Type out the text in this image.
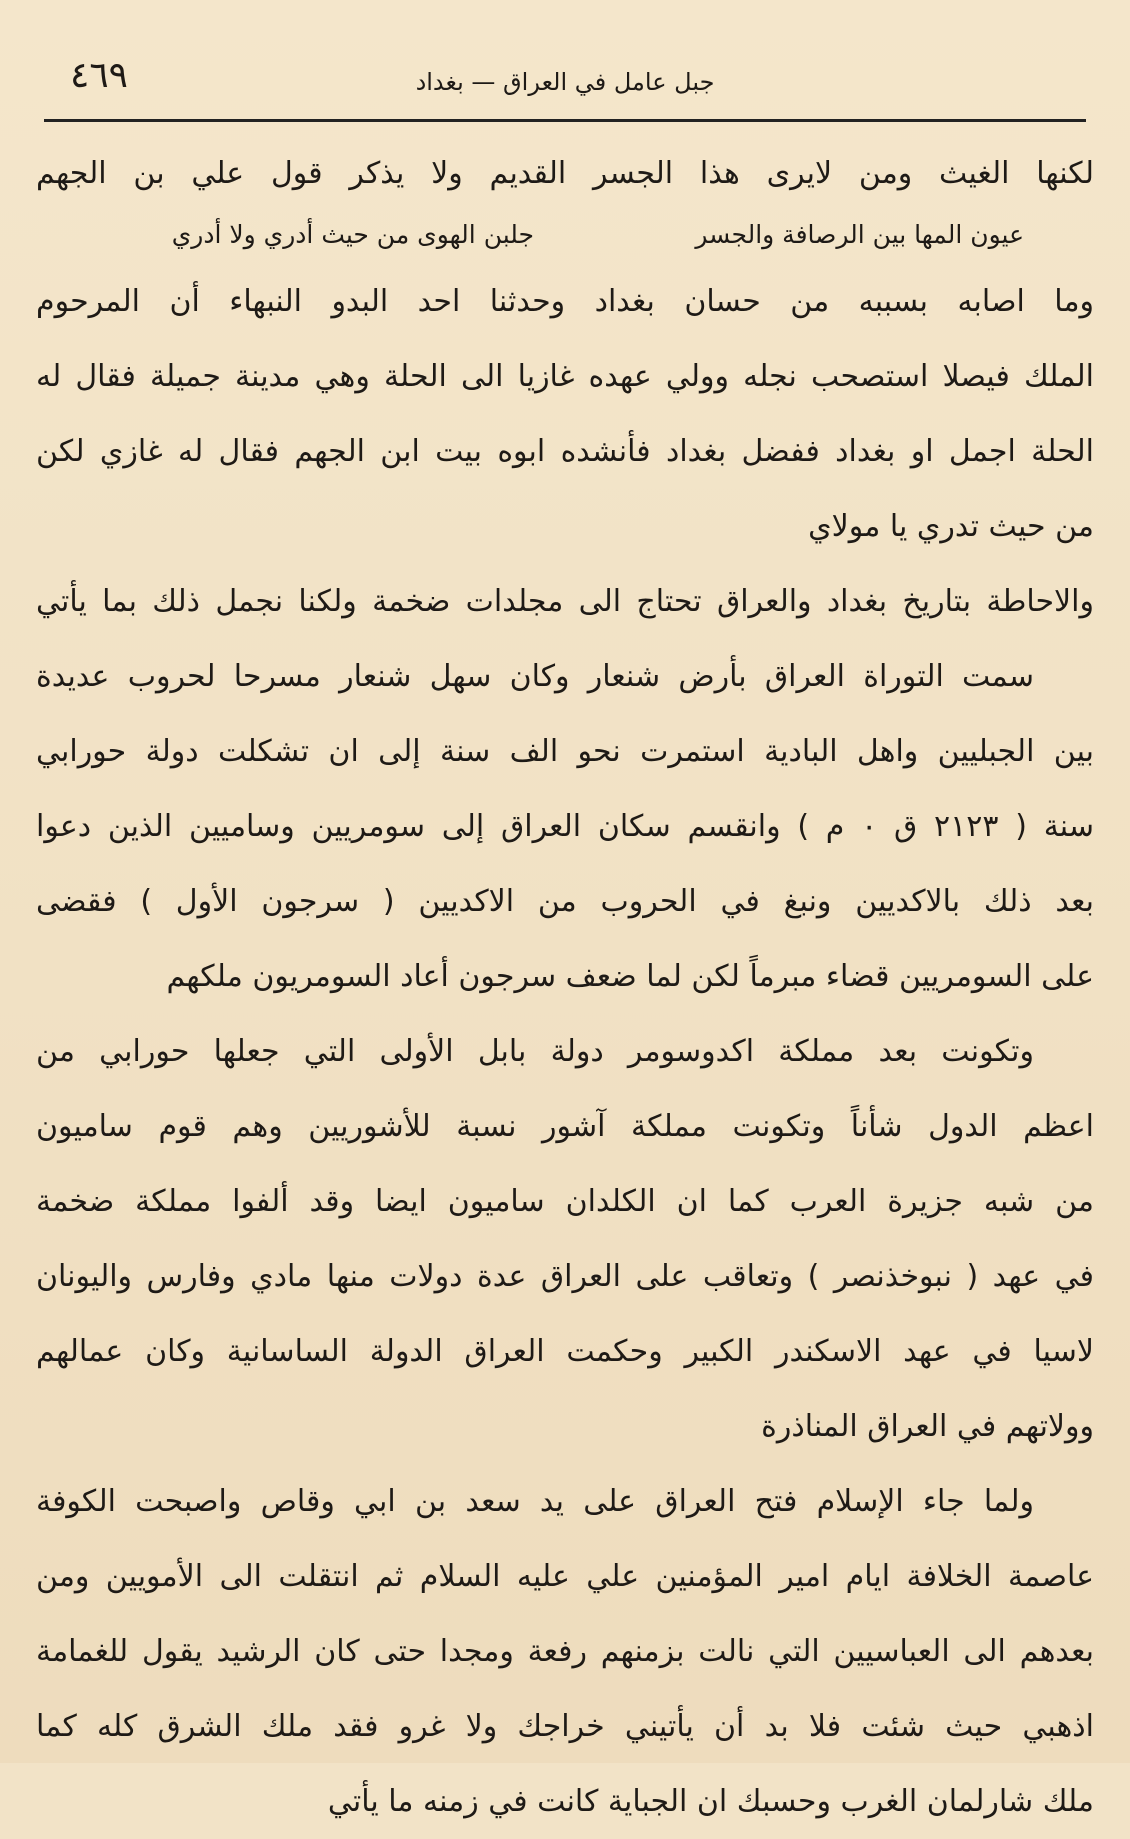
٤٦٩	جبل عامل في العراق — بغداد
لكنها الغيث ومن لايرى هذا الجسر القديم ولا يذكر قول علي بن الجهم
عيون المها بين الرصافة والجسر
جلبن الهوى من حيث أدري ولا أدري
وما اصابه بسببه من حسان بغداد وحدثنا احد البدو النبهاء أن المرحوم
الملك فيصلا استصحب نجله وولي عهده غازيا الى الحلة وهي مدينة جميلة فقال له
الحلة اجمل او بغداد ففضل بغداد فأنشده ابوه بيت ابن الجهم فقال له غازي لكن
من حيث تدري يا مولاي
والاحاطة بتاريخ بغداد والعراق تحتاج الى مجلدات ضخمة ولكنا نجمل ذلك بما يأتي
سمت التوراة العراق بأرض شنعار وكان سهل شنعار مسرحا لحروب عديدة
بين الجبليين واهل البادية استمرت نحو الف سنة إلى ان تشكلت دولة حورابي
سنة ( ٢١٢٣ ق ٠ م ) وانقسم سكان العراق إلى سومريين وساميين الذين دعوا
بعد ذلك بالاكديين ونبغ في الحروب من الاكديين ( سرجون الأول ) فقضى
على السومريين قضاء مبرماً لكن لما ضعف سرجون أعاد السومريون ملكهم
وتكونت بعد مملكة اكدوسومر دولة بابل الأولى التي جعلها حورابي من
اعظم الدول شأناً وتكونت مملكة آشور نسبة للأشوريين وهم قوم ساميون
من شبه جزيرة العرب كما ان الكلدان ساميون ايضا وقد ألفوا مملكة ضخمة
في عهد ( نبوخذنصر ) وتعاقب على العراق عدة دولات منها مادي وفارس واليونان
لاسيا في عهد الاسكندر الكبير وحكمت العراق الدولة الساسانية وكان عمالهم
وولاتهم في العراق المناذرة
ولما جاء الإسلام فتح العراق على يد سعد بن ابي وقاص واصبحت الكوفة
عاصمة الخلافة ايام امير المؤمنين علي عليه السلام ثم انتقلت الى الأمويين ومن
بعدهم الى العباسيين التي نالت بزمنهم رفعة ومجدا حتى كان الرشيد يقول للغمامة
اذهبي حيث شئت فلا بد أن يأتيني خراجك ولا غرو فقد ملك الشرق كله كما
ملك شارلمان الغرب وحسبك ان الجباية كانت في زمنه ما يأتي
